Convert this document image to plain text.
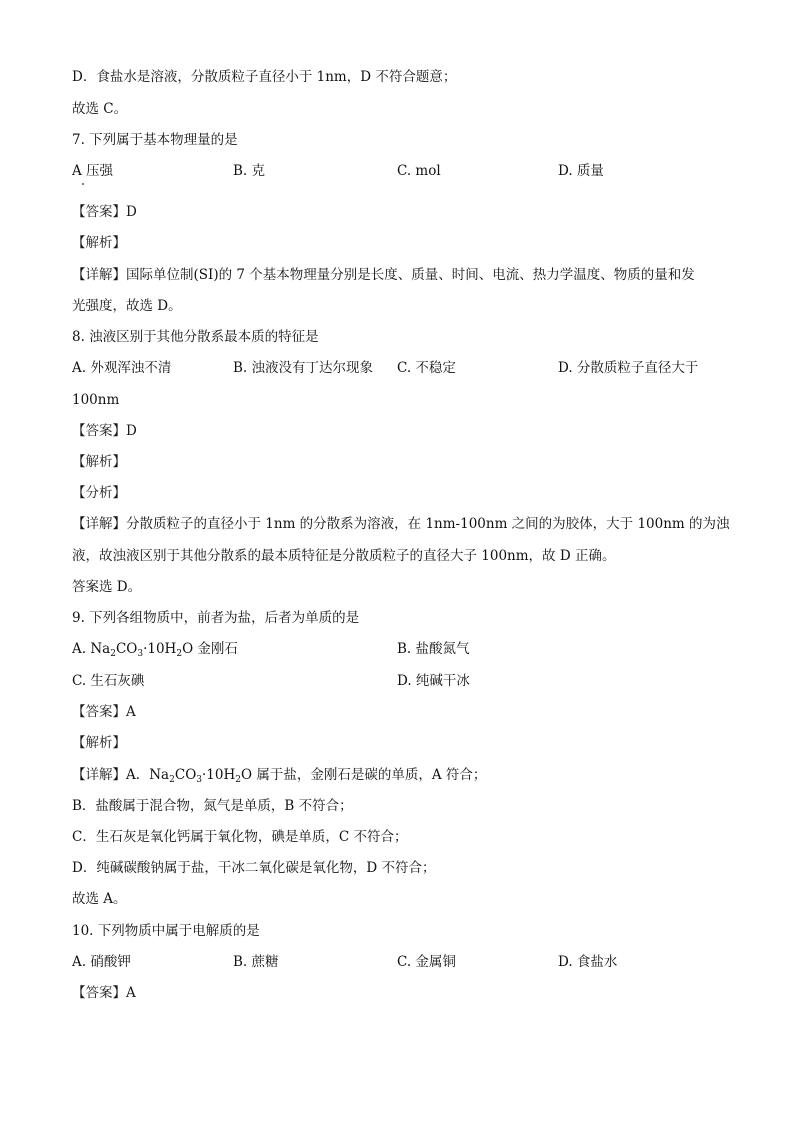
D．食盐水是溶液，分散质粒子直径小于 1nm，D 不符合题意；
故选 C。
7. 下列属于基本物理量的是
A 压强	B. 克	C. mol	D. 质量
【答案】D
【解析】
【详解】国际单位制(SI)的 7 个基本物理量分别是长度、质量、时间、电流、热力学温度、物质的量和发
光强度，故选 D。
8. 浊液区别于其他分散系最本质的特征是
A. 外观浑浊不清	B. 浊液没有丁达尔现象 C. 不稳定	D. 分散质粒子直径大于
100nm
【答案】D
【解析】
【分析】
【详解】分散质粒子的直径小于 1nm 的分散系为溶液，在 1nm-100nm 之间的为胶体，大于 100nm 的为浊
液，故浊液区别于其他分散系的最本质特征是分散质粒子的直径大子 100nm，故 D 正确。
答案选 D。
9. 下列各组物质中，前者为盐，后者为单质的是
A. $Na_2CO_3\cdot 10H_2O$ 金刚石	B. 盐酸氮气
C. 生石灰碘	D. 纯碱干冰
【答案】A
【解析】
【详解】A．$Na_2CO_3\cdot 10H_2O$ 属于盐，金刚石是碳的单质，A 符合；
B．盐酸属于混合物，氮气是单质，B 不符合；
C．生石灰是氧化钙属于氧化物，碘是单质，C 不符合；
D．纯碱碳酸钠属于盐，干冰二氧化碳是氧化物，D 不符合；
故选 A。
10. 下列物质中属于电解质的是
A. 硝酸钾	B. 蔗糖	C. 金属铜	D. 食盐水
【答案】A
